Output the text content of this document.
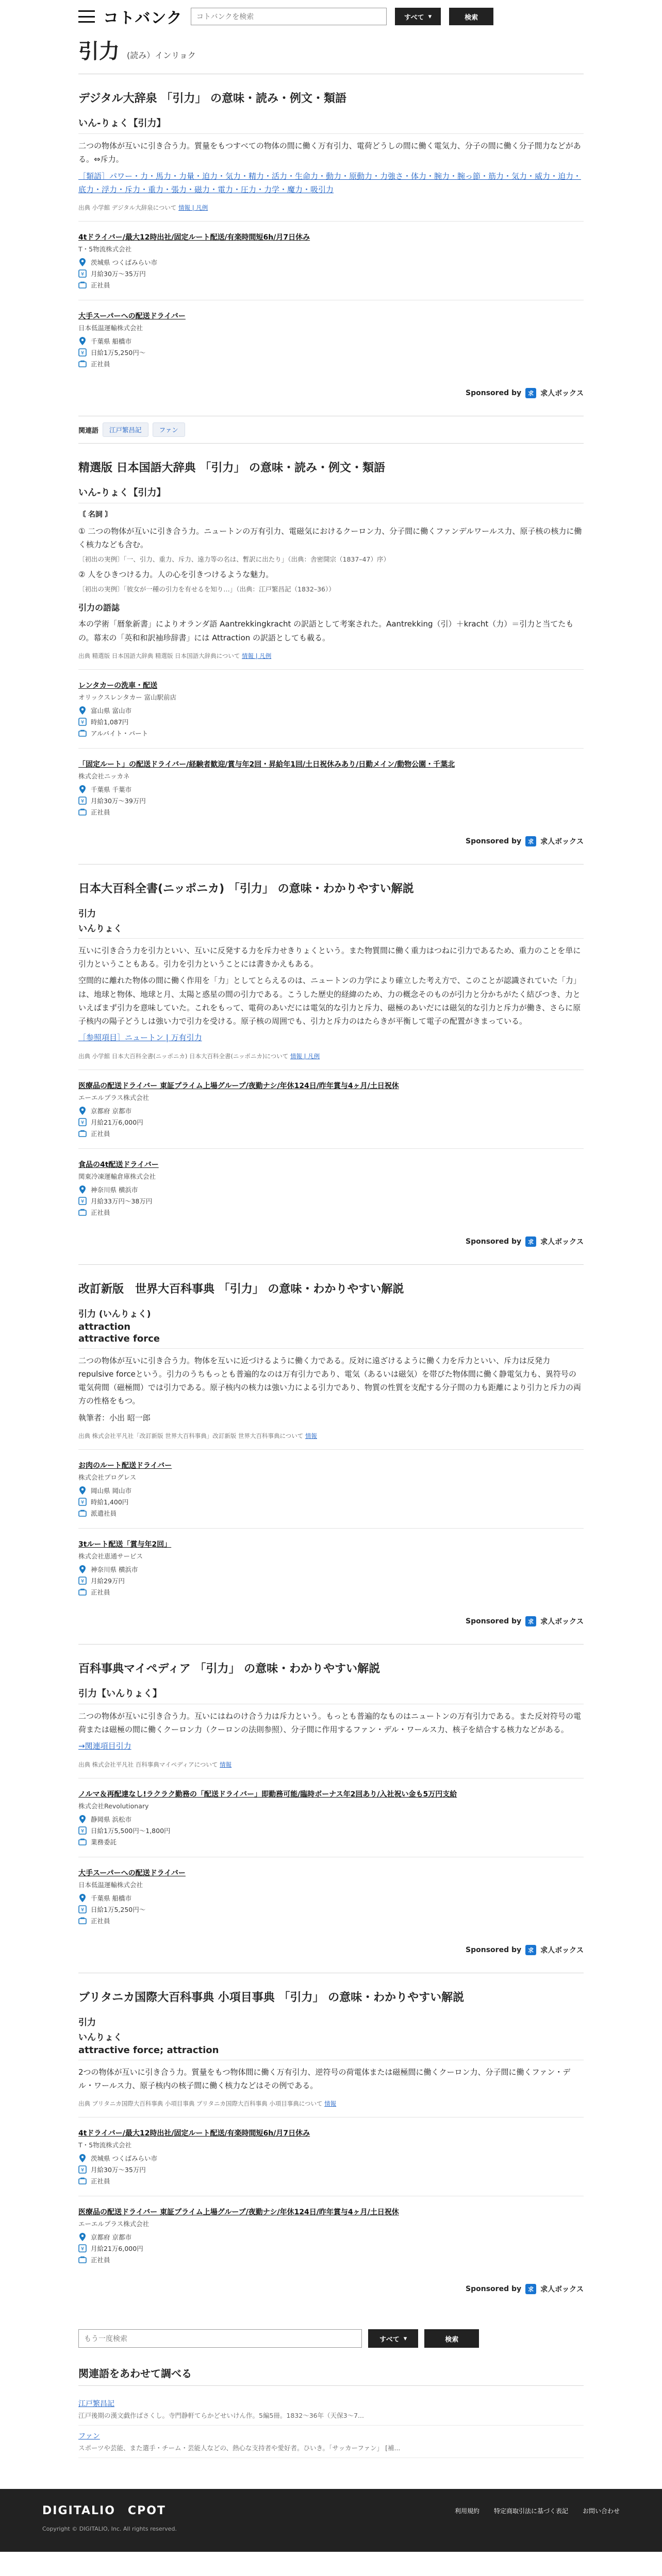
コトバンク
コトバンクを検索	すべて ▾	検索
引力 (読み）インリョク
デジタル大辞泉 「引力」 の意味・読み・例文・類語
いん‐りょく【引力】

二つの物体が互いに引き合う力。質量をもつすべての物体の間に働く万有引力、電荷どうしの間に働く電気力、分子の間に働く分子間力などがある。⇔斥力。

［類語］パワー・力・馬力・力量・迫力・気力・精力・活力・生命力・動力・原動力・力強さ・体力・腕力・腕っ節・筋力・気力・威力・迫力・底力・浮力・斥力・重力・張力・磁力・電力・圧力・力学・魔力・吸引力

出典 小学館 デジタル大辞泉について 情報 | 凡例
4tドライバー/最大12時出社/固定ルート配送/有楽時間短6h/月7日休み
T・5物流株式会社
茨城県 つくばみらい市
¥ 月給30万〜35万円
正社員
大手スーパーへの配送ドライバー
日本低温運輸株式会社
千葉県 船橋市
¥ 日給1万5,250円〜
正社員
Sponsored by	求 求人ボックス
関連語	江戸繁昌記	ファン
精選版 日本国語大辞典 「引力」 の意味・読み・例文・類語
いん‐りょく【引力】

〘 名詞 〙

① 二つの物体が互いに引き合う力。ニュートンの万有引力、電磁気におけるクーロン力、分子間に働くファンデルワールス力、原子核の核力に働く核力なども含む。

〔初出の実例〕「一、引力、重力、斥力、遠力等の名は、暫訳に出たり」（出典：舎密開宗（1837–47）序）

② 人をひきつける力。人の心を引きつけるような魅力。

〔初出の実例〕「彼女が一種の引力を有せるを知り…」（出典：江戸繁昌記（1832–36））

引力の語誌

本の学術「暦象新書」によりオランダ語 Aantrekkingkracht の訳語として考案された。Aantrekking（引）＋kracht（力）＝引力と当てたもの。幕末の「英和和訳袖珍辞書」には Attraction の訳語としても載る。

出典 精選版 日本国語大辞典 精選版 日本国語大辞典について 情報 | 凡例
レンタカーの洗車・配送
オリックスレンタカー 富山駅前店
富山県 富山市
¥ 時給1,087円
アルバイト・パート
「固定ルート」の配送ドライバー/経験者歓迎/賞与年2回・昇給年1回/土日祝休みあり/日勤メイン/動物公園・千葉北
株式会社ニッカネ
千葉県 千葉市
¥ 月給30万〜39万円
正社員
Sponsored by	求 求人ボックス
日本大百科全書(ニッポニカ) 「引力」 の意味・わかりやすい解説
引力
いんりょく

互いに引き合う力を引力といい、互いに反発する力を斥力せきりょくという。また物質間に働く重力はつねに引力であるため、重力のことを単に引力ということもある。引力を引力ということには書きかえもある。

空間的に離れた物体の間に働く作用を「力」としてとらえるのは、ニュートンの力学により確立した考え方で、このことが認識されていた「力」は、地球と物体、地球と月、太陽と惑星の間の引力である。こうした歴史的経緯のため、力の概念そのものが引力と分かちがたく結びつき、力といえばまず引力を意味していた。これをもって、電荷のあいだには電気的な引力と斥力、磁極のあいだには磁気的な引力と斥力が働き、さらに原子核内の陽子どうしは強い力で引力を受ける。原子核の周囲でも、引力と斥力のはたらきが平衡して電子の配置がきまっている。

［参照項目］ニュートン | 万有引力

出典 小学館 日本大百科全書(ニッポニカ) 日本大百科全書(ニッポニカ)について 情報 | 凡例
医療品の配送ドライバー 東証プライム上場グループ/夜勤ナシ/年休124日/昨年賞与4ヶ月/土日祝休
エーエルプラス株式会社
京都府 京都市
¥ 月給21万6,000円
正社員
食品の4t配送ドライバー
関東冷凍運輸倉庫株式会社
神奈川県 横浜市
¥ 月給33万円〜38万円
正社員
Sponsored by	求 求人ボックス
改訂新版　世界大百科事典 「引力」 の意味・わかりやすい解説
引力 (いんりょく)
attraction
attractive force

二つの物体が互いに引き合う力。物体を互いに近づけるように働く力である。反対に遠ざけるように働く力を斥力といい、斥力は反発力repulsive forceという。引力のうちもっとも普遍的なのは万有引力であり、電気（あるいは磁気）を帯びた物体間に働く静電気力も、異符号の電気荷間（磁極間）では引力である。原子核内の核力は強い力による引力であり、物質の性質を支配する分子間の力も距離により引力と斥力の両方の性格をもつ。

執筆者：小出 昭一郎

出典 株式会社平凡社「改訂新版 世界大百科事典」改訂新版 世界大百科事典について 情報
お肉のルート配送ドライバー
株式会社プログレス
岡山県 岡山市
¥ 時給1,400円
派遣社員
3tルート配送「賞与年2回」
株式会社恵通サービス
神奈川県 横浜市
¥ 月給29万円
正社員
Sponsored by	求 求人ボックス
百科事典マイペディア 「引力」 の意味・わかりやすい解説
引力【いんりょく】

二つの物体が互いに引き合う力。互いにはねのけ合う力は斥力という。もっとも普遍的なものはニュートンの万有引力である。また反対符号の電荷または磁極の間に働くクーロン力（クーロンの法則参照）、分子間に作用するファン・デル・ワールス力、核子を結合する核力などがある。

→関連項目引力

出典 株式会社平凡社 百科事典マイペディアについて 情報
ノルマ＆再配達なし!ラクラク勤務の「配送ドライバー」即勤務可能/臨時ボーナス年2回あり/入社祝い金も5万円支給
株式会社Revolutionary
静岡県 浜松市
¥ 日給1万5,500円〜1,800円
業務委託
大手スーパーへの配送ドライバー
日本低温運輸株式会社
千葉県 船橋市
¥ 日給1万5,250円〜
正社員
Sponsored by	求 求人ボックス
ブリタニカ国際大百科事典 小項目事典 「引力」 の意味・わかりやすい解説
引力
いんりょく
attractive force; attraction

2つの物体が互いに引き合う力。質量をもつ物体間に働く万有引力、逆符号の荷電体または磁極間に働くクーロン力、分子間に働くファン・デル・ワールス力、原子核内の核子間に働く核力などはその例である。

出典 ブリタニカ国際大百科事典 小項目事典 ブリタニカ国際大百科事典 小項目事典について 情報
4tドライバー/最大12時出社/固定ルート配送/有楽時間短6h/月7日休み
T・5物流株式会社
茨城県 つくばみらい市
¥ 月給30万〜35万円
正社員
医療品の配送ドライバー 東証プライム上場グループ/夜勤ナシ/年休124日/昨年賞与4ヶ月/土日祝休
エーエルプラス株式会社
京都府 京都市
¥ 月給21万6,000円
正社員
Sponsored by	求 求人ボックス
もう一度検索
すべて ▾	検索
関連語をあわせて調べる
江戸繁昌記
江戸後期の漢文戯作ばさくし。寺門静軒てらかどせいけん作。5編5冊。1832〜36年（天保3〜7...
ファン
スポーツや芸能、また選手・チーム・芸能人などの、熱心な支持者や愛好者。ひいき。「サッカーファン」 [補...
DIGITALIO CPOT	利用規約 特定商取引法に基づく表記 お問い合わせ
Copyright © DIGITALIO, Inc. All rights reserved.
